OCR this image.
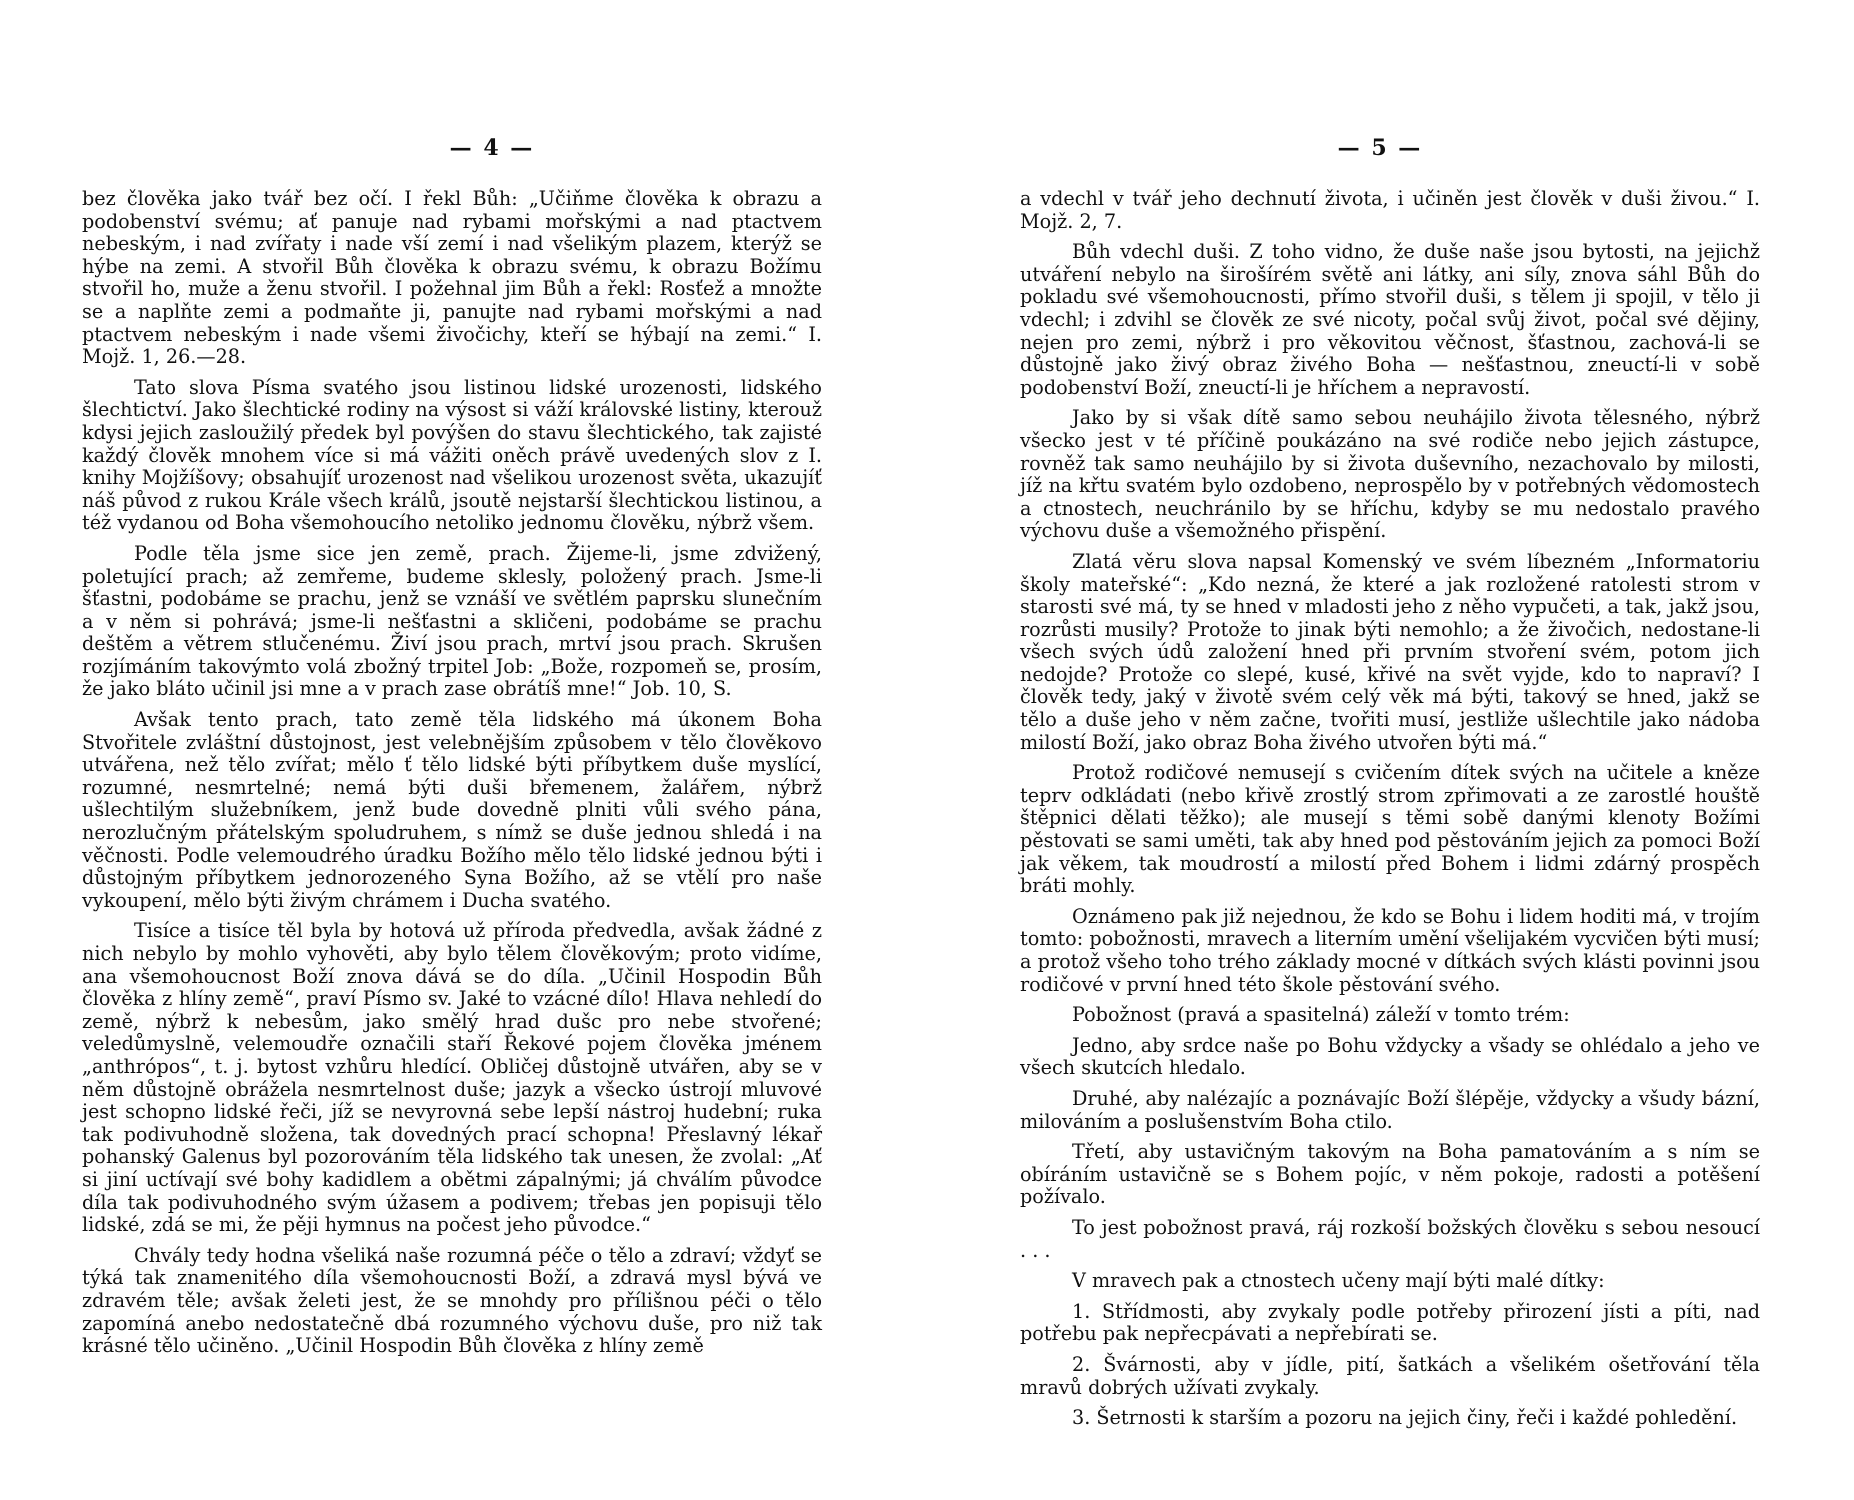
— 4 —

bez člověka jako tvář bez očí. I řekl Bůh: „Učiňme člověka k obrazu a podobenství svému; ať panuje nad rybami mořskými a nad ptactvem nebeským, i nad zvířaty i nade vší zemí i nad všelikým plazem, kterýž se hýbe na zemi. A stvořil Bůh člověka k obrazu svému, k obrazu Božímu stvořil ho, muže a ženu stvořil. I požehnal jim Bůh a řekl: Rosťež a množte se a naplňte zemi a podmaňte ji, panujte nad rybami mořskými a nad ptactvem nebeským i nade všemi živočichy, kteří se hýbají na zemi.“ I. Mojž. 1, 26.—28.

Tato slova Písma svatého jsou listinou lidské urozenosti, lidského šlechtictví. Jako šlechtické rodiny na výsost si váží královské listiny, kterouž kdysi jejich zasloužilý předek byl povýšen do stavu šlechtického, tak zajisté každý člověk mnohem více si má vážiti oněch právě uvedených slov z I. knihy Mojžíšovy; obsahujíť urozenost nad všelikou urozenost světa, ukazujíť náš původ z rukou Krále všech králů, jsoutě nejstarší šlechtickou listinou, a též vydanou od Boha všemohoucího netoliko jednomu člověku, nýbrž všem.

Podle těla jsme sice jen země, prach. Žijeme-li, jsme zdvižený, poletující prach; až zemřeme, budeme sklesly, položený prach. Jsme-li šťastni, podobáme se prachu, jenž se vznáší ve světlém paprsku slunečním a v něm si pohrává; jsme-li nešťastni a skličeni, podobáme se prachu deštěm a větrem stlučenému. Živí jsou prach, mrtví jsou prach. Skrušen rozjímáním takovýmto volá zbožný trpitel Job: „Bože, rozpomeň se, prosím, že jako bláto učinil jsi mne a v prach zase obrátíš mne!“ Job. 10, S.

Avšak tento prach, tato země těla lidského má úkonem Boha Stvořitele zvláštní důstojnost, jest velebnějším způsobem v tělo člověkovo utvářena, než tělo zvířat; mělo ť tělo lidské býti příbytkem duše myslící, rozumné, nesmrtelné; nemá býti duši břemenem, žalářem, nýbrž ušlechtilým služebníkem, jenž bude dovedně plniti vůli svého pána, nerozlučným přátelským spoludruhem, s nímž se duše jednou shledá i na věčnosti. Podle velemoudrého úradku Božího mělo tělo lidské jednou býti i důstojným příbytkem jednorozeného Syna Božího, až se vtělí pro naše vykoupení, mělo býti živým chrámem i Ducha svatého.

Tisíce a tisíce těl byla by hotová už příroda předvedla, avšak žádné z nich nebylo by mohlo vyhověti, aby bylo tělem člověkovým; proto vidíme, ana všemohoucnost Boží znova dává se do díla. „Učinil Hospodin Bůh člověka z hlíny země“, praví Písmo sv. Jaké to vzácné dílo! Hlava nehledí do země, nýbrž k nebesům, jako smělý hrad dušc pro nebe stvořené; veledůmyslně, velemoudře označili staří Řekové pojem člověka jménem „anthrópos“, t. j. bytost vzhůru hledící. Obličej důstojně utvářen, aby se v něm důstojně obrážela nesmrtelnost duše; jazyk a všecko ústrojí mluvové jest schopno lidské řeči, jíž se nevyrovná sebe lepší nástroj hudební; ruka tak podivuhodně složena, tak dovedných prací schopna! Přeslavný lékař pohanský Galenus byl pozorováním těla lidského tak unesen, že zvolal: „Ať si jiní uctívají své bohy kadidlem a obětmi zápalnými; já chválím původce díla tak podivuhodného svým úžasem a podivem; třebas jen popisuji tělo lidské, zdá se mi, že pěji hymnus na počest jeho původce.“

Chvály tedy hodna všeliká naše rozumná péče o tělo a zdraví; vždyť se týká tak znamenitého díla všemohoucnosti Boží, a zdravá mysl bývá ve zdravém těle; avšak želeti jest, že se mnohdy pro přílišnou péči o tělo zapomíná anebo nedostatečně dbá rozumného výchovu duše, pro niž tak krásné tělo učiněno. „Učinil Hospodin Bůh člověka z hlíny země

— 5 —

a vdechl v tvář jeho dechnutí života, i učiněn jest člověk v duši živou.“ I. Mojž. 2, 7.

Bůh vdechl duši. Z toho vidno, že duše naše jsou bytosti, na jejichž utváření nebylo na širošírém světě ani látky, ani síly, znova sáhl Bůh do pokladu své všemohoucnosti, přímo stvořil duši, s tělem ji spojil, v tělo ji vdechl; i zdvihl se člověk ze své nicoty, počal svůj život, počal své dějiny, nejen pro zemi, nýbrž i pro věkovitou věčnost, šťastnou, zachová-li se důstojně jako živý obraz živého Boha — nešťastnou, zneuctí-li v sobě podobenství Boží, zneuctí-li je hříchem a nepravostí.

Jako by si však dítě samo sebou neuhájilo života tělesného, nýbrž všecko jest v té příčině poukázáno na své rodiče nebo jejich zástupce, rovněž tak samo neuhájilo by si života duševního, nezachovalo by milosti, jíž na křtu svatém bylo ozdobeno, neprospělo by v potřebných vědomostech a ctnostech, neuchránilo by se hříchu, kdyby se mu nedostalo pravého výchovu duše a všemožného přispění.

Zlatá věru slova napsal Komenský ve svém líbezném „Informatoriu školy mateřské“: „Kdo nezná, že které a jak rozložené ratolesti strom v starosti své má, ty se hned v mladosti jeho z něho vypučeti, a tak, jakž jsou, rozrůsti musily? Protože to jinak býti nemohlo; a že živočich, nedostane-li všech svých údů založení hned při prvním stvoření svém, potom jich nedojde? Protože co slepé, kusé, křivé na svět vyjde, kdo to napraví? I člověk tedy, jaký v životě svém celý věk má býti, takový se hned, jakž se tělo a duše jeho v něm začne, tvořiti musí, jestliže ušlechtile jako nádoba milostí Boží, jako obraz Boha živého utvořen býti má.“

Protož rodičové nemusejí s cvičením dítek svých na učitele a kněze teprv odkládati (nebo křivě zrostlý strom zpřimovati a ze zarostlé houště štěpnici dělati těžko); ale musejí s těmi sobě danými klenoty Božími pěstovati se sami uměti, tak aby hned pod pěstováním jejich za pomoci Boží jak věkem, tak moudrostí a milostí před Bohem i lidmi zdárný prospěch bráti mohly.

Oznámeno pak již nejednou, že kdo se Bohu i lidem hoditi má, v trojím tomto: pobožnosti, mravech a literním umění všelijakém vycvičen býti musí; a protož všeho toho trého základy mocné v dítkách svých klásti povinni jsou rodičové v první hned této škole pěstování svého.

Pobožnost (pravá a spasitelná) záleží v tomto trém:

Jedno, aby srdce naše po Bohu vždycky a všady se ohlédalo a jeho ve všech skutcích hledalo.

Druhé, aby nalézajíc a poznávajíc Boží šlépěje, vždycky a všudy bázní, milováním a poslušenstvím Boha ctilo.

Třetí, aby ustavičným takovým na Boha pamatováním a s ním se obíráním ustavičně se s Bohem pojíc, v něm pokoje, radosti a potěšení požívalo.

To jest pobožnost pravá, ráj rozkoší božských člověku s sebou nesoucí . . .

V mravech pak a ctnostech učeny mají býti malé dítky:

1. Střídmosti, aby zvykaly podle potřeby přirození jísti a píti, nad potřebu pak nepřecpávati a nepřebírati se.

2. Švárnosti, aby v jídle, pití, šatkách a všelikém ošetřování těla mravů dobrých užívati zvykaly.

3. Šetrnosti k starším a pozoru na jejich činy, řeči i každé pohledění.
